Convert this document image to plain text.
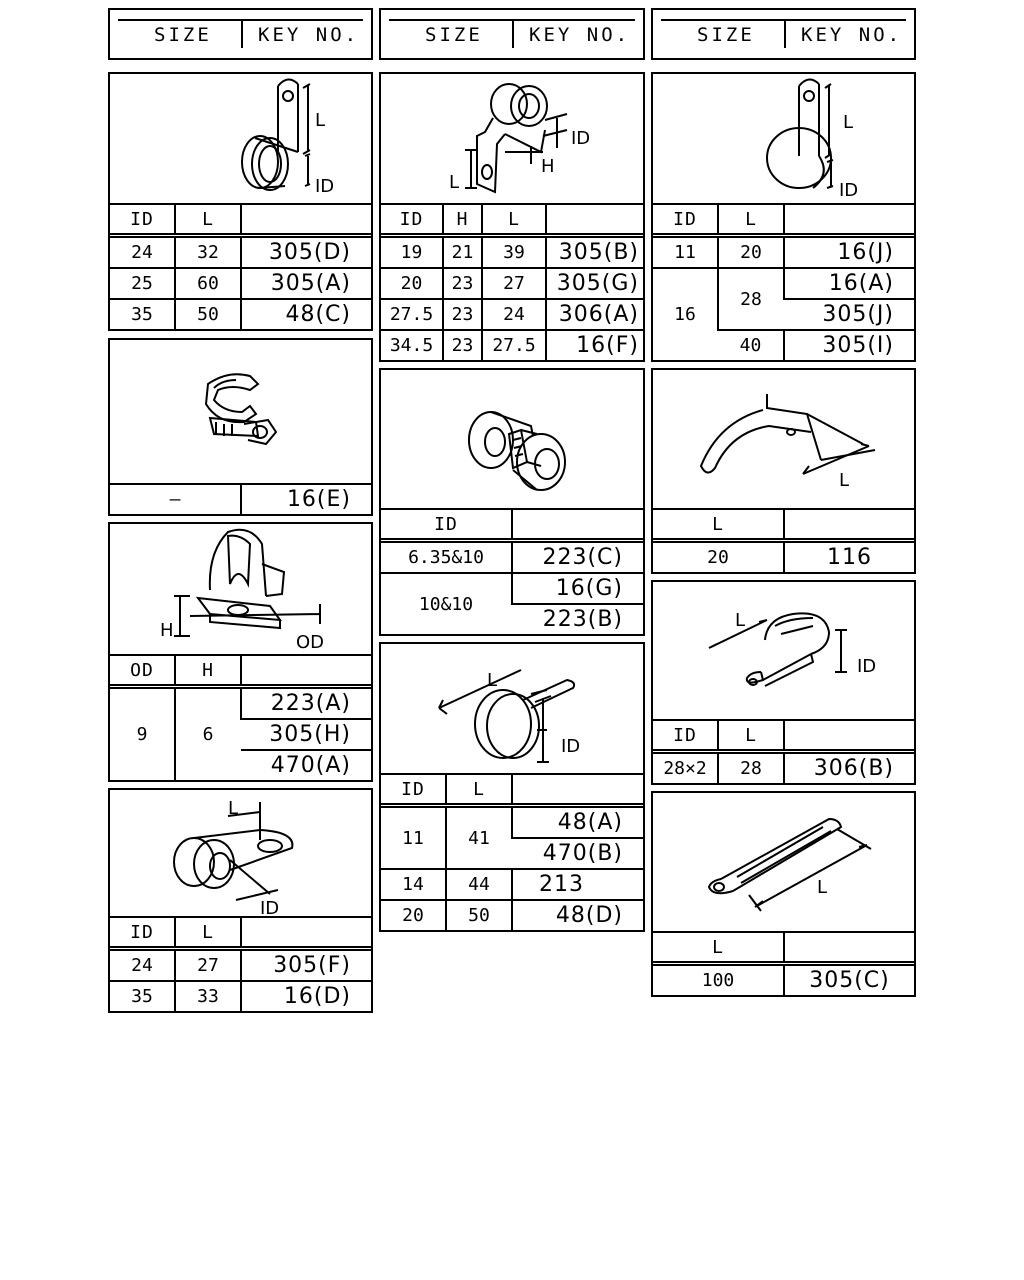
SIZE KEY NO.	SIZE KEY NO.	SIZE KEY NO.
L
ID
ID	L	
24	32	305(D)
25	60	305(A)
35	50	48(C)
—	16(E)
H
OD
OD	H	
9	6	223(A)
		305(H)
		470(A)
L
ID
ID	L	
24	27	305(F)
35	33	16(D)
ID
H
L
ID	H	L	
19	21	39	305(B)
20	23	27	305(G)
27.5	23	24	306(A)
34.5	23	27.5	16(F)
ID	
6.35&10	223(C)
10&10	16(G)
	223(B)
L
ID
ID	L	
11	41	48(A)
		470(B)
14	44	213
20	50	48(D)
L
ID
ID	L	
11	20	16(J)
16	28	16(A)
		305(J)
	40	305(I)
L
L	
20	116
L
ID
ID	L	
28×2	28	306(B)
L
L	
100	305(C)
